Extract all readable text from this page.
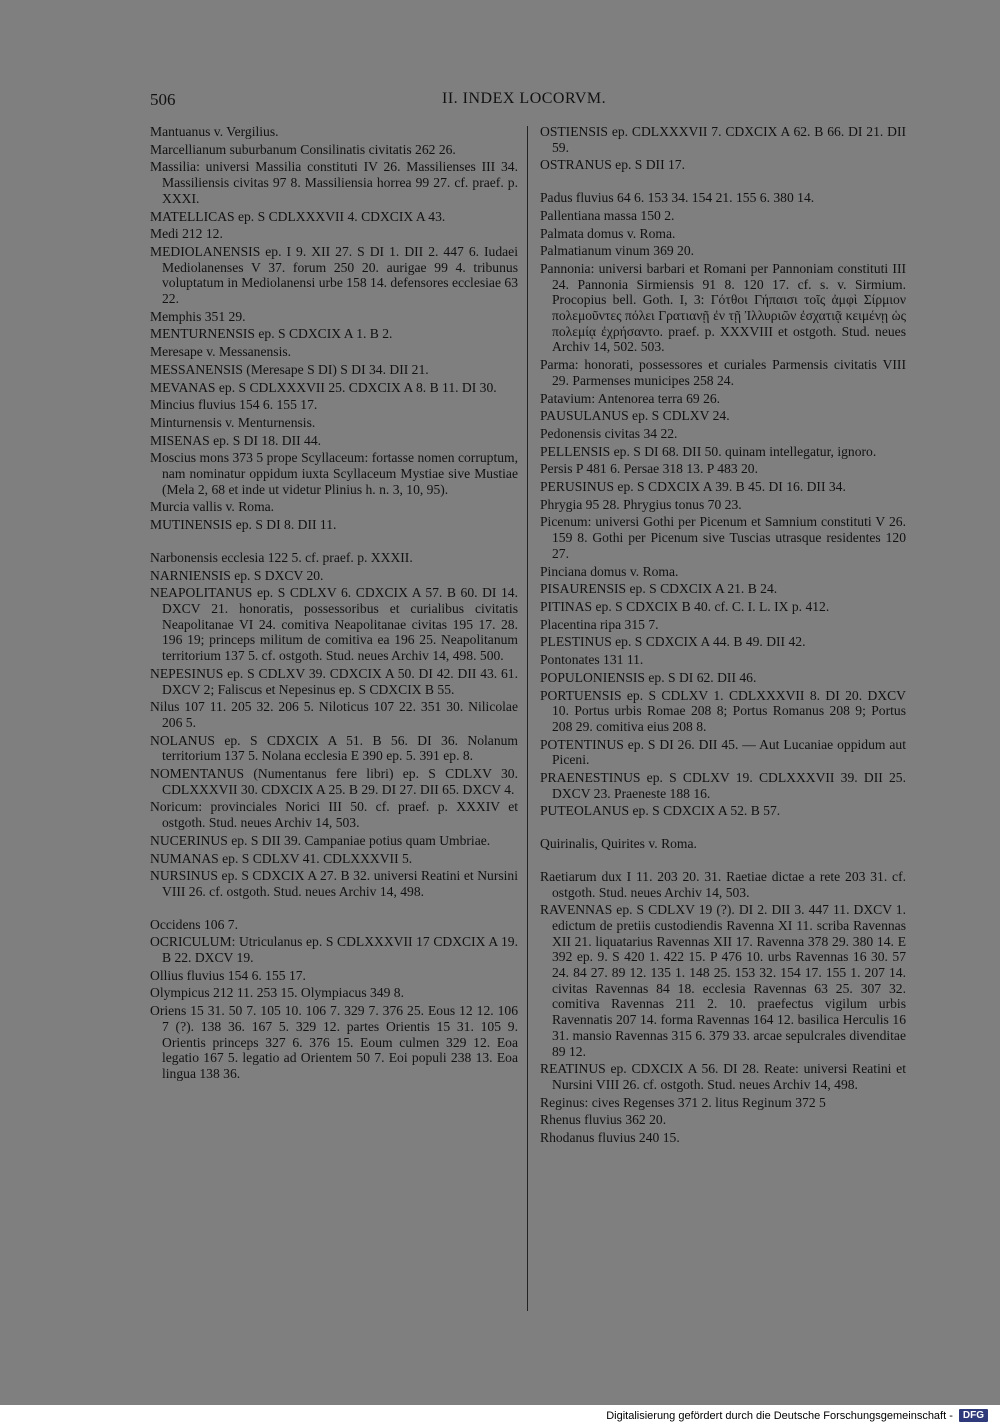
506	II. INDEX LOCORVM.

Mantuanus v. Vergilius.

Marcellianum suburbanum Consilinatis civitatis 262 26.

Massilia: universi Massilia constituti IV 26. Massilienses III 34. Massiliensis civitas 97 8. Massiliensia horrea 99 27. cf. praef. p. XXXI.

MATELLICAS ep. S CDLXXXVII 4. CDXCIX A 43.

Medi 212 12.

MEDIOLANENSIS ep. I 9. XII 27. S DI 1. DII 2. 447 6. Iudaei Mediolanenses V 37. forum 250 20. aurigae 99 4. tribunus voluptatum in Mediolanensi urbe 158 14. defensores ecclesiae 63 22.

Memphis 351 29.

MENTURNENSIS ep. S CDXCIX A 1. B 2.

Meresape v. Messanensis.

MESSANENSIS (Meresape S DI) S DI 34. DII 21.

MEVANAS ep. S CDLXXXVII 25. CDXCIX A 8. B 11. DI 30.

Mincius fluvius 154 6. 155 17.

Minturnensis v. Menturnensis.

MISENAS ep. S DI 18. DII 44.

Moscius mons 373 5 prope Scyllaceum: fortasse nomen corruptum, nam nominatur oppidum iuxta Scyllaceum Mystiae sive Mustiae (Mela 2, 68 et inde ut videtur Plinius h. n. 3, 10, 95).

Murcia vallis v. Roma.

MUTINENSIS ep. S DI 8. DII 11.

Narbonensis ecclesia 122 5. cf. praef. p. XXXII.

NARNIENSIS ep. S DXCV 20.

NEAPOLITANUS ep. S CDLXV 6. CDXCIX A 57. B 60. DI 14. DXCV 21. honoratis, possessoribus et curialibus civitatis Neapolitanae VI 24. comitiva Neapolitanae civitas 195 17. 28. 196 19; princeps militum de comitiva ea 196 25. Neapolitanum territorium 137 5. cf. ostgoth. Stud. neues Archiv 14, 498. 500.

NEPESINUS ep. S CDLXV 39. CDXCIX A 50. DI 42. DII 43. 61. DXCV 2; Faliscus et Nepesinus ep. S CDXCIX B 55.

Nilus 107 11. 205 32. 206 5. Niloticus 107 22. 351 30. Nilicolae 206 5.

NOLANUS ep. S CDXCIX A 51. B 56. DI 36. Nolanum territorium 137 5. Nolana ecclesia E 390 ep. 5. 391 ep. 8.

NOMENTANUS (Numentanus fere libri) ep. S CDLXV 30. CDLXXXVII 30. CDXCIX A 25. B 29. DI 27. DII 65. DXCV 4.

Noricum: provinciales Norici III 50. cf. praef. p. XXXIV et ostgoth. Stud. neues Archiv 14, 503.

NUCERINUS ep. S DII 39. Campaniae potius quam Umbriae.

NUMANAS ep. S CDLXV 41. CDLXXXVII 5.

NURSINUS ep. S CDXCIX A 27. B 32. universi Reatini et Nursini VIII 26. cf. ostgoth. Stud. neues Archiv 14, 498.

Occidens 106 7.

OCRICULUM: Utriculanus ep. S CDLXXXVII 17 CDXCIX A 19. B 22. DXCV 19.

Ollius fluvius 154 6. 155 17.

Olympicus 212 11. 253 15. Olympiacus 349 8.

Oriens 15 31. 50 7. 105 10. 106 7. 329 7. 376 25. Eous 12 12. 106 7 (?). 138 36. 167 5. 329 12. partes Orientis 15 31. 105 9. Orientis princeps 327 6. 376 15. Eoum culmen 329 12. Eoa legatio 167 5. legatio ad Orientem 50 7. Eoi populi 238 13. Eoa lingua 138 36.

OSTIENSIS ep. CDLXXXVII 7. CDXCIX A 62. B 66. DI 21. DII 59.

OSTRANUS ep. S DII 17.

Padus fluvius 64 6. 153 34. 154 21. 155 6. 380 14.

Pallentiana massa 150 2.

Palmata domus v. Roma.

Palmatianum vinum 369 20.

Pannonia: universi barbari et Romani per Pannoniam constituti III 24. Pannonia Sirmiensis 91 8. 120 17. cf. s. v. Sirmium. Procopius bell. Goth. I, 3: Γότθοι Γήπαισι τοῖς ἀμφὶ Σίρμιον πολεμοῦντες πόλει Γρατιανῇ ἐν τῇ Ἰλλυριῶν ἐσχατιᾷ κειμένῃ ὡς πολεμίᾳ ἐχρήσαντο. praef. p. XXXVIII et ostgoth. Stud. neues Archiv 14, 502. 503.

Parma: honorati, possessores et curiales Parmensis civitatis VIII 29. Parmenses municipes 258 24.

Patavium: Antenorea terra 69 26.

PAUSULANUS ep. S CDLXV 24.

Pedonensis civitas 34 22.

PELLENSIS ep. S DI 68. DII 50. quinam intellegatur, ignoro.

Persis P 481 6. Persae 318 13. P 483 20.

PERUSINUS ep. S CDXCIX A 39. B 45. DI 16. DII 34.

Phrygia 95 28. Phrygius tonus 70 23.

Picenum: universi Gothi per Picenum et Samnium constituti V 26. 159 8. Gothi per Picenum sive Tuscias utrasque residentes 120 27.

Pinciana domus v. Roma.

PISAURENSIS ep. S CDXCIX A 21. B 24.

PITINAS ep. S CDXCIX B 40. cf. C. I. L. IX p. 412.

Placentina ripa 315 7.

PLESTINUS ep. S CDXCIX A 44. B 49. DII 42.

Pontonates 131 11.

POPULONIENSIS ep. S DI 62. DII 46.

PORTUENSIS ep. S CDLXV 1. CDLXXXVII 8. DI 20. DXCV 10. Portus urbis Romae 208 8; Portus Romanus 208 9; Portus 208 29. comitiva eius 208 8.

POTENTINUS ep. S DI 26. DII 45. — Aut Lucaniae oppidum aut Piceni.

PRAENESTINUS ep. S CDLXV 19. CDLXXXVII 39. DII 25. DXCV 23. Praeneste 188 16.

PUTEOLANUS ep. S CDXCIX A 52. B 57.

Quirinalis, Quirites v. Roma.

Raetiarum dux I 11. 203 20. 31. Raetiae dictae a rete 203 31. cf. ostgoth. Stud. neues Archiv 14, 503.

RAVENNAS ep. S CDLXV 19 (?). DI 2. DII 3. 447 11. DXCV 1. edictum de pretiis custodiendis Ravenna XI 11. scriba Ravennas XII 21. liquatarius Ravennas XII 17. Ravenna 378 29. 380 14. E 392 ep. 9. S 420 1. 422 15. P 476 10. urbs Ravennas 16 30. 57 24. 84 27. 89 12. 135 1. 148 25. 153 32. 154 17. 155 1. 207 14. civitas Ravennas 84 18. ecclesia Ravennas 63 25. 307 32. comitiva Ravennas 211 2. 10. praefectus vigilum urbis Ravennatis 207 14. forma Ravennas 164 12. basilica Herculis 16 31. mansio Ravennas 315 6. 379 33. arcae sepulcrales divenditae 89 12.

REATINUS ep. CDXCIX A 56. DI 28. Reate: universi Reatini et Nursini VIII 26. cf. ostgoth. Stud. neues Archiv 14, 498.

Reginus: cives Regenses 371 2. litus Reginum 372 5

Rhenus fluvius 362 20.

Rhodanus fluvius 240 15.

Digitalisierung gefördert durch die Deutsche Forschungsgemeinschaft -	DFG
